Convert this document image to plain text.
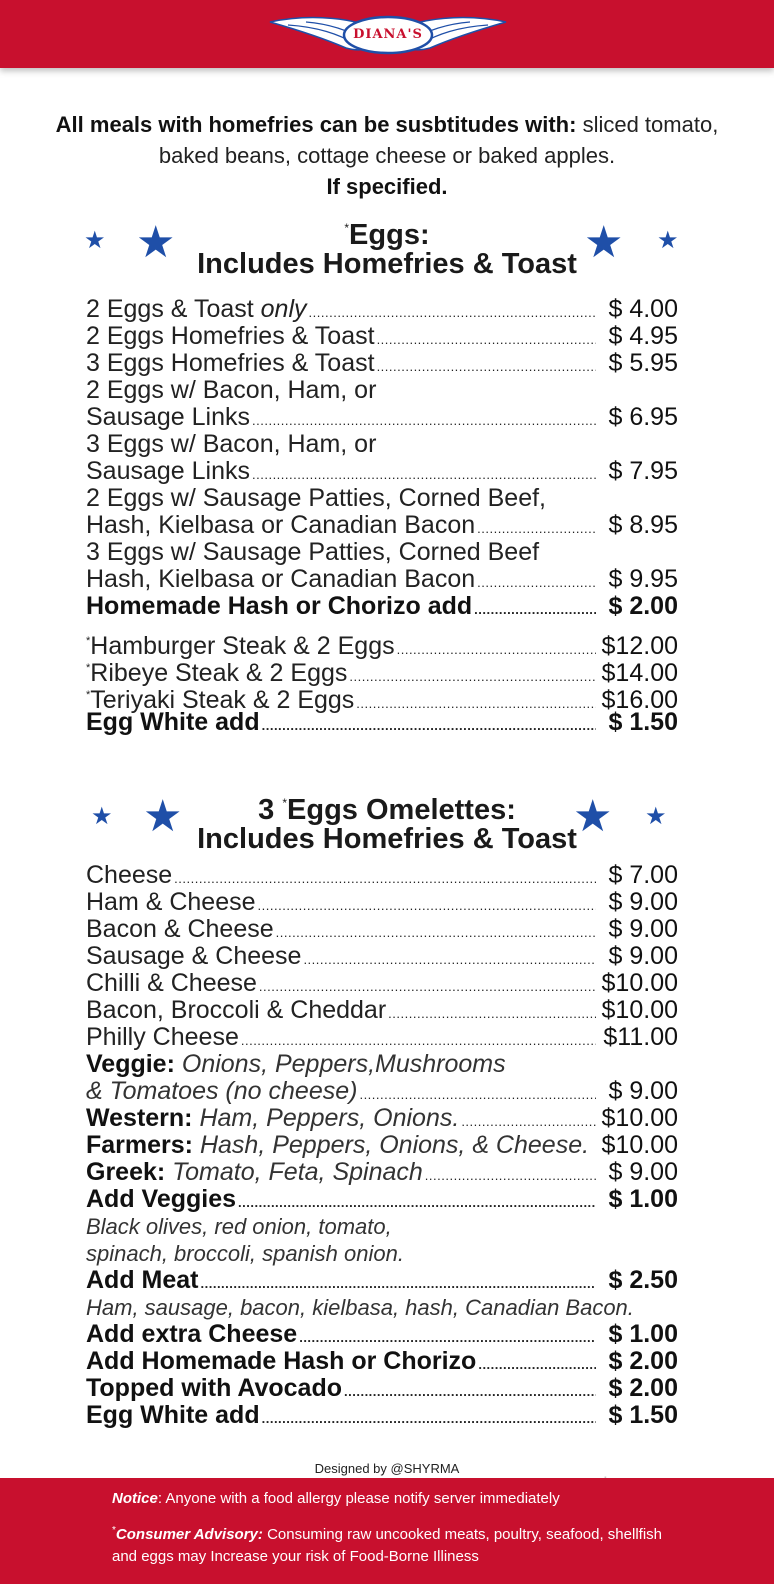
DIANA'S
All meals with homefries can be susbtitudes with: sliced tomato, baked beans, cottage cheese or baked apples.
If specified.
★ ★	★ ★
*Eggs:
Includes Homefries & Toast
2 Eggs & Toast only .....	$ 4.00
2 Eggs Homefries & Toast .....	$ 4.95
3 Eggs Homefries & Toast .....	$ 5.95
2 Eggs w/ Bacon, Ham, or
Sausage Links .....	$ 6.95
3 Eggs w/ Bacon, Ham, or
Sausage Links .....	$ 7.95
2 Eggs w/ Sausage Patties, Corned Beef,
Hash, Kielbasa or Canadian Bacon .....	$ 8.95
3 Eggs w/ Sausage Patties, Corned Beef
Hash, Kielbasa or Canadian Bacon .....	$ 9.95
Homemade Hash or Chorizo add .....	$ 2.00
*Hamburger Steak & 2 Eggs .....	$12.00
*Ribeye Steak & 2 Eggs .....	$14.00
*Teriyaki Steak & 2 Eggs .....	$16.00
Egg White add .....	$ 1.50
★ ★	★ ★
3 *Eggs Omelettes:
Includes Homefries & Toast
Cheese .....	$ 7.00
Ham & Cheese .....	$ 9.00
Bacon & Cheese .....	$ 9.00
Sausage & Cheese .....	$ 9.00
Chilli & Cheese .....	$10.00
Bacon, Broccoli & Cheddar .....	$10.00
Philly Cheese .....	$11.00
Veggie: Onions, Peppers,Mushrooms
& Tomatoes (no cheese) .....	$ 9.00
Western: Ham, Peppers, Onions. .....	$10.00
Farmers: Hash, Peppers, Onions, & Cheese. $10.00
Greek: Tomato, Feta, Spinach .....	$ 9.00
Add Veggies .....	$ 1.00
Black olives, red onion, tomato,
spinach, broccoli, spanish onion.
Add Meat .....	$ 2.50
Ham, sausage, bacon, kielbasa, hash, Canadian Bacon.
Add extra Cheese .....	$ 1.00
Add Homemade Hash or Chorizo .....	$ 2.00
Topped with Avocado .....	$ 2.00
Egg White add .....	$ 1.50
Designed by @SHYRMA
Notice: Anyone with a food allergy please notify server immediately
*Consumer Advisory: Consuming raw uncooked meats, poultry, seafood, shellfish and eggs may Increase your risk of Food-Borne Illiness
